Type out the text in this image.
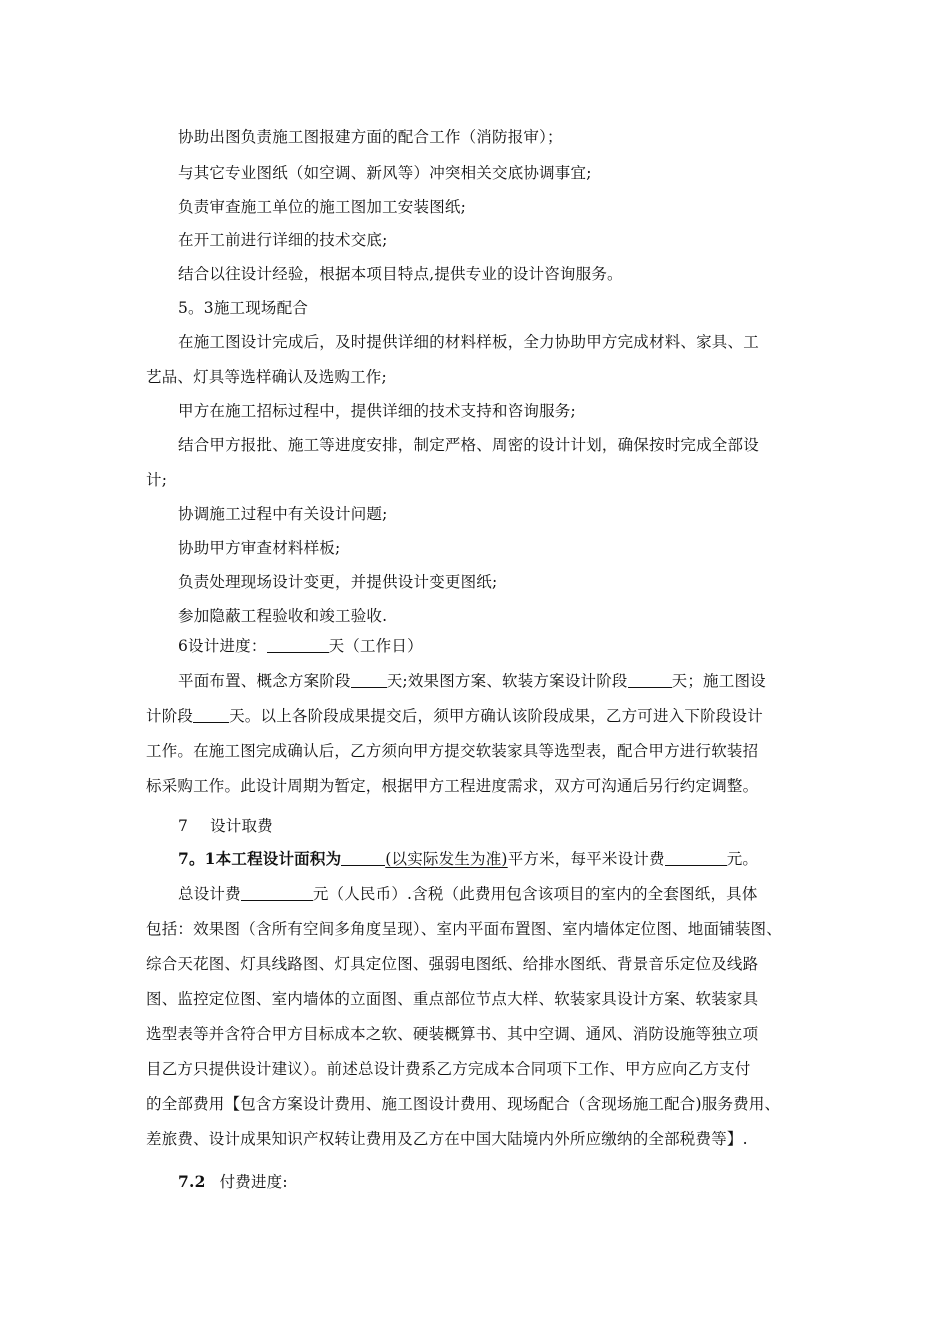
协助出图负责施工图报建方面的配合工作（消防报审）；
与其它专业图纸（如空调、新风等）冲突相关交底协调事宜;
负责审查施工单位的施工图加工安装图纸;
在开工前进行详细的技术交底;
结合以往设计经验，根据本项目特点,提供专业的设计咨询服务。
5。3施工现场配合
在施工图设计完成后，及时提供详细的材料样板，全力协助甲方完成材料、家具、工
艺品、灯具等选样确认及选购工作;
甲方在施工招标过程中，提供详细的技术支持和咨询服务;
结合甲方报批、施工等进度安排，制定严格、周密的设计计划，确保按时完成全部设
计;
协调施工过程中有关设计问题;
协助甲方审查材料样板;
负责处理现场设计变更，并提供设计变更图纸;
参加隐蔽工程验收和竣工验收.
6设计进度：	天（工作日）
平面布置、概念方案阶段 天;效果图方案、软装方案设计阶段	天；施工图设
计阶段 天。以上各阶段成果提交后，须甲方确认该阶段成果，乙方可进入下阶段设计
工作。在施工图完成确认后，乙方须向甲方提交软装家具等选型表，配合甲方进行软装招
标采购工作。此设计周期为暂定，根据甲方工程进度需求，双方可沟通后另行约定调整。
7 设计取费
7。1本工程设计面积为	(以实际发生为准)平方米，每平米设计费	元。
总设计费	元（人民币）.含税（此费用包含该项目的室内的全套图纸，具体
包括：效果图（含所有空间多角度呈现）、室内平面布置图、室内墙体定位图、地面铺装图、
综合天花图、灯具线路图、灯具定位图、强弱电图纸、给排水图纸、背景音乐定位及线路
图、监控定位图、室内墙体的立面图、重点部位节点大样、软装家具设计方案、软装家具
选型表等并含符合甲方目标成本之软、硬装概算书、其中空调、通风、消防设施等独立项
目乙方只提供设计建议）。前述总设计费系乙方完成本合同项下工作、甲方应向乙方支付
的全部费用【包含方案设计费用、施工图设计费用、现场配合（含现场施工配合)服务费用、
差旅费、设计成果知识产权转让费用及乙方在中国大陆境内外所应缴纳的全部税费等】.
7.2 付费进度:
